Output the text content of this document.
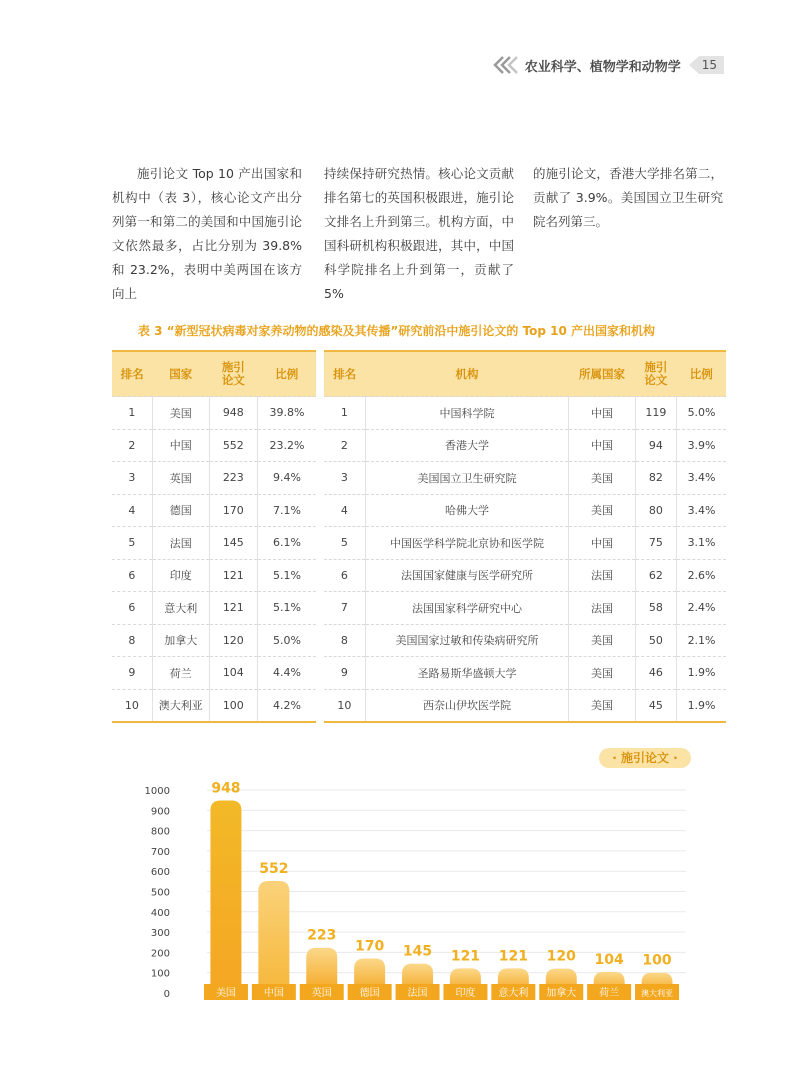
农业科学、植物学和动物学 15

施引论文 Top 10 产出国家和机构中（表 3），核心论文产出分列第一和第二的美国和中国施引论文依然最多，占比分别为 39.8% 和 23.2%，表明中美两国在该方向上

持续保持研究热情。核心论文贡献排名第七的英国积极跟进，施引论文排名上升到第三。机构方面，中国科研机构积极跟进，其中，中国科学院排名上升到第一，贡献了 5%

的施引论文，香港大学排名第二，贡献了 3.9%。美国国立卫生研究院名列第三。

表 3 “新型冠状病毒对家养动物的感染及其传播”研究前沿中施引论文的 Top 10 产出国家和机构
排名	国家	施引论文	比例
1	美国	948	39.8%
2	中国	552	23.2%
3	英国	223	9.4%
4	德国	170	7.1%
5	法国	145	6.1%
6	印度	121	5.1%
6	意大利	121	5.1%
8	加拿大	120	5.0%
9	荷兰	104	4.4%
10	澳大利亚	100	4.2%
排名	机构	所属国家	施引论文	比例
1	中国科学院	中国	119	5.0%
2	香港大学	中国	94	3.9%
3	美国国立卫生研究院	美国	82	3.4%
4	哈佛大学	美国	80	3.4%
5	中国医学科学院北京协和医学院	中国	75	3.1%
6	法国国家健康与医学研究所	法国	62	2.6%
7	法国国家科学研究中心	法国	58	2.4%
8	美国国家过敏和传染病研究所	美国	50	2.1%
9	圣路易斯华盛顿大学	美国	46	1.9%
10	西奈山伊坎医学院	美国	45	1.9%
· 施引论文 ·
0
100
200
300
400
500
600
700
800
900
1000	948
美国
552
中国
223
英国
170
德国
145
法国
121
印度
121
意大利
120
加拿大
104
荷兰
100
澳大利亚
